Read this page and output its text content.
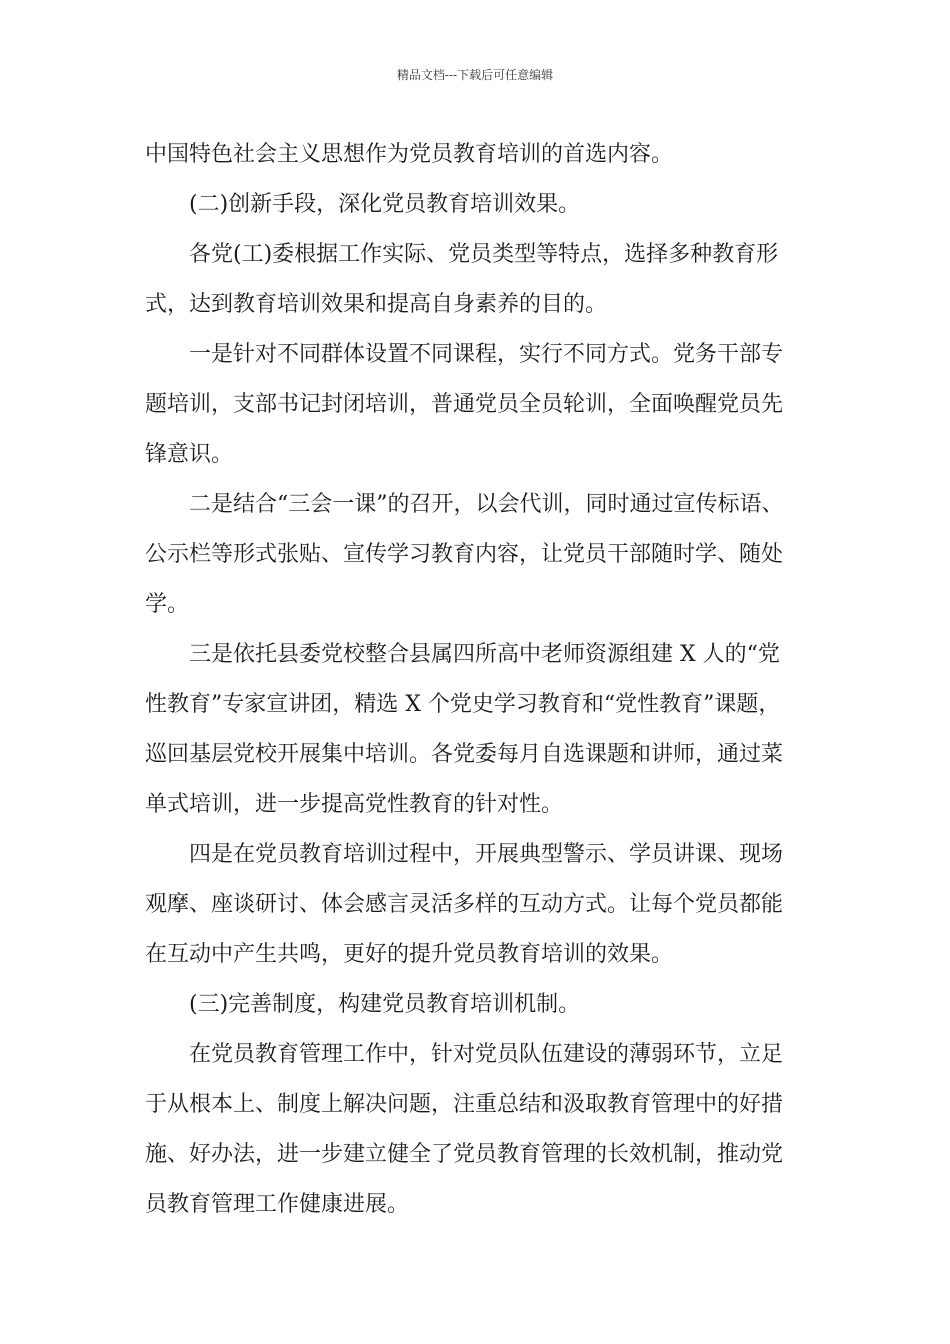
精品文档---下载后可任意编辑
中国特色社会主义思想作为党员教育培训的首选内容。
(二)创新手段，深化党员教育培训效果。
各党(工)委根据工作实际、党员类型等特点，选择多种教育形
式，达到教育培训效果和提高自身素养的目的。
一是针对不同群体设置不同课程，实行不同方式。党务干部专
题培训，支部书记封闭培训，普通党员全员轮训，全面唤醒党员先
锋意识。
二是结合“三会一课”的召开，以会代训，同时通过宣传标语、
公示栏等形式张贴、宣传学习教育内容，让党员干部随时学、随处
学。
三是依托县委党校整合县属四所高中老师资源组建 X 人的“党
性教育”专家宣讲团，精选 X 个党史学习教育和“党性教育”课题，
巡回基层党校开展集中培训。各党委每月自选课题和讲师，通过菜
单式培训，进一步提高党性教育的针对性。
四是在党员教育培训过程中，开展典型警示、学员讲课、现场
观摩、座谈研讨、体会感言灵活多样的互动方式。让每个党员都能
在互动中产生共鸣，更好的提升党员教育培训的效果。
(三)完善制度，构建党员教育培训机制。
在党员教育管理工作中，针对党员队伍建设的薄弱环节，立足
于从根本上、制度上解决问题，注重总结和汲取教育管理中的好措
施、好办法，进一步建立健全了党员教育管理的长效机制，推动党
员教育管理工作健康进展。
